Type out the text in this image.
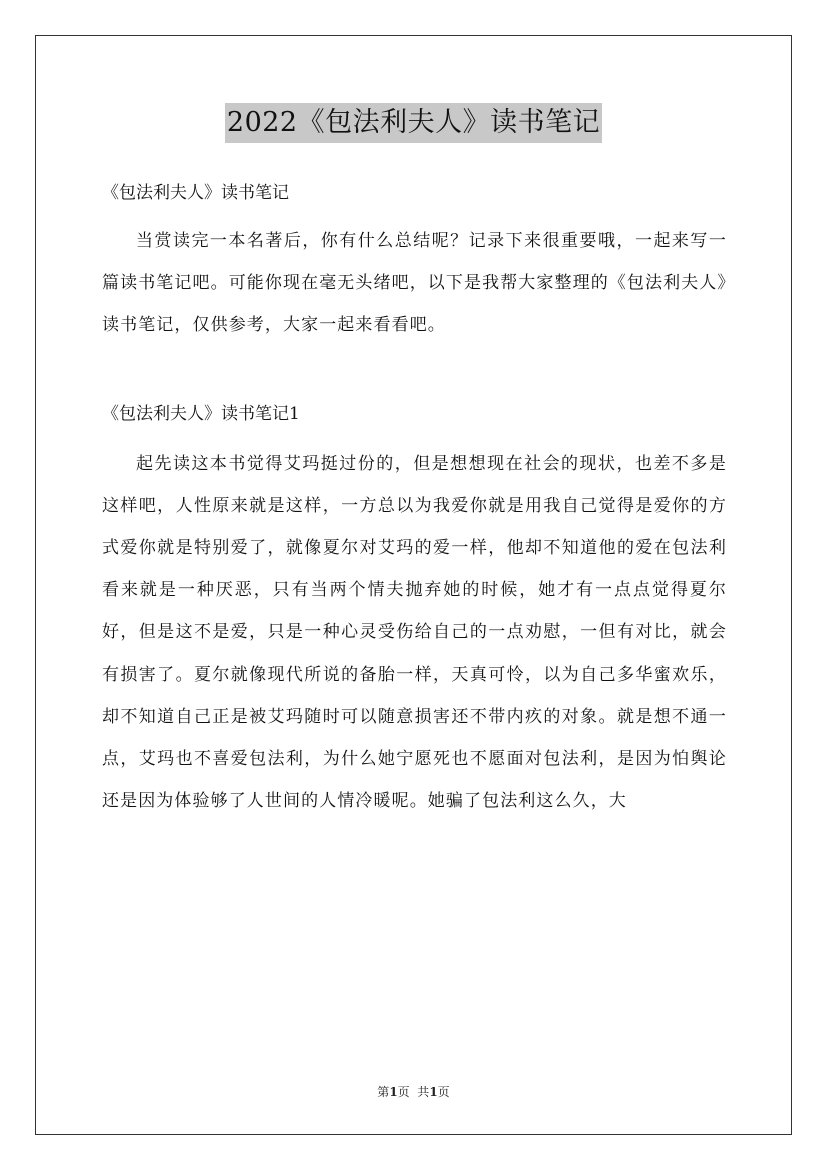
2022《包法利夫人》读书笔记

《包法利夫人》读书笔记

当赏读完一本名著后，你有什么总结呢？记录下来很重要哦，一起来写一篇读书笔记吧。可能你现在毫无头绪吧，以下是我帮大家整理的《包法利夫人》读书笔记，仅供参考，大家一起来看看吧。

《包法利夫人》读书笔记1

起先读这本书觉得艾玛挺过份的，但是想想现在社会的现状，也差不多是这样吧，人性原来就是这样，一方总以为我爱你就是用我自己觉得是爱你的方式爱你就是特别爱了，就像夏尔对艾玛的爱一样，他却不知道他的爱在包法利看来就是一种厌恶，只有当两个情夫抛弃她的时候，她才有一点点觉得夏尔好，但是这不是爱，只是一种心灵受伤给自己的一点劝慰，一但有对比，就会有损害了。夏尔就像现代所说的备胎一样，天真可怜，以为自己多华蜜欢乐，却不知道自己正是被艾玛随时可以随意损害还不带内疚的对象。就是想不通一点，艾玛也不喜爱包法利，为什么她宁愿死也不愿面对包法利，是因为怕舆论还是因为体验够了人世间的人情冷暖呢。她骗了包法利这么久，大

第1页  共1页
